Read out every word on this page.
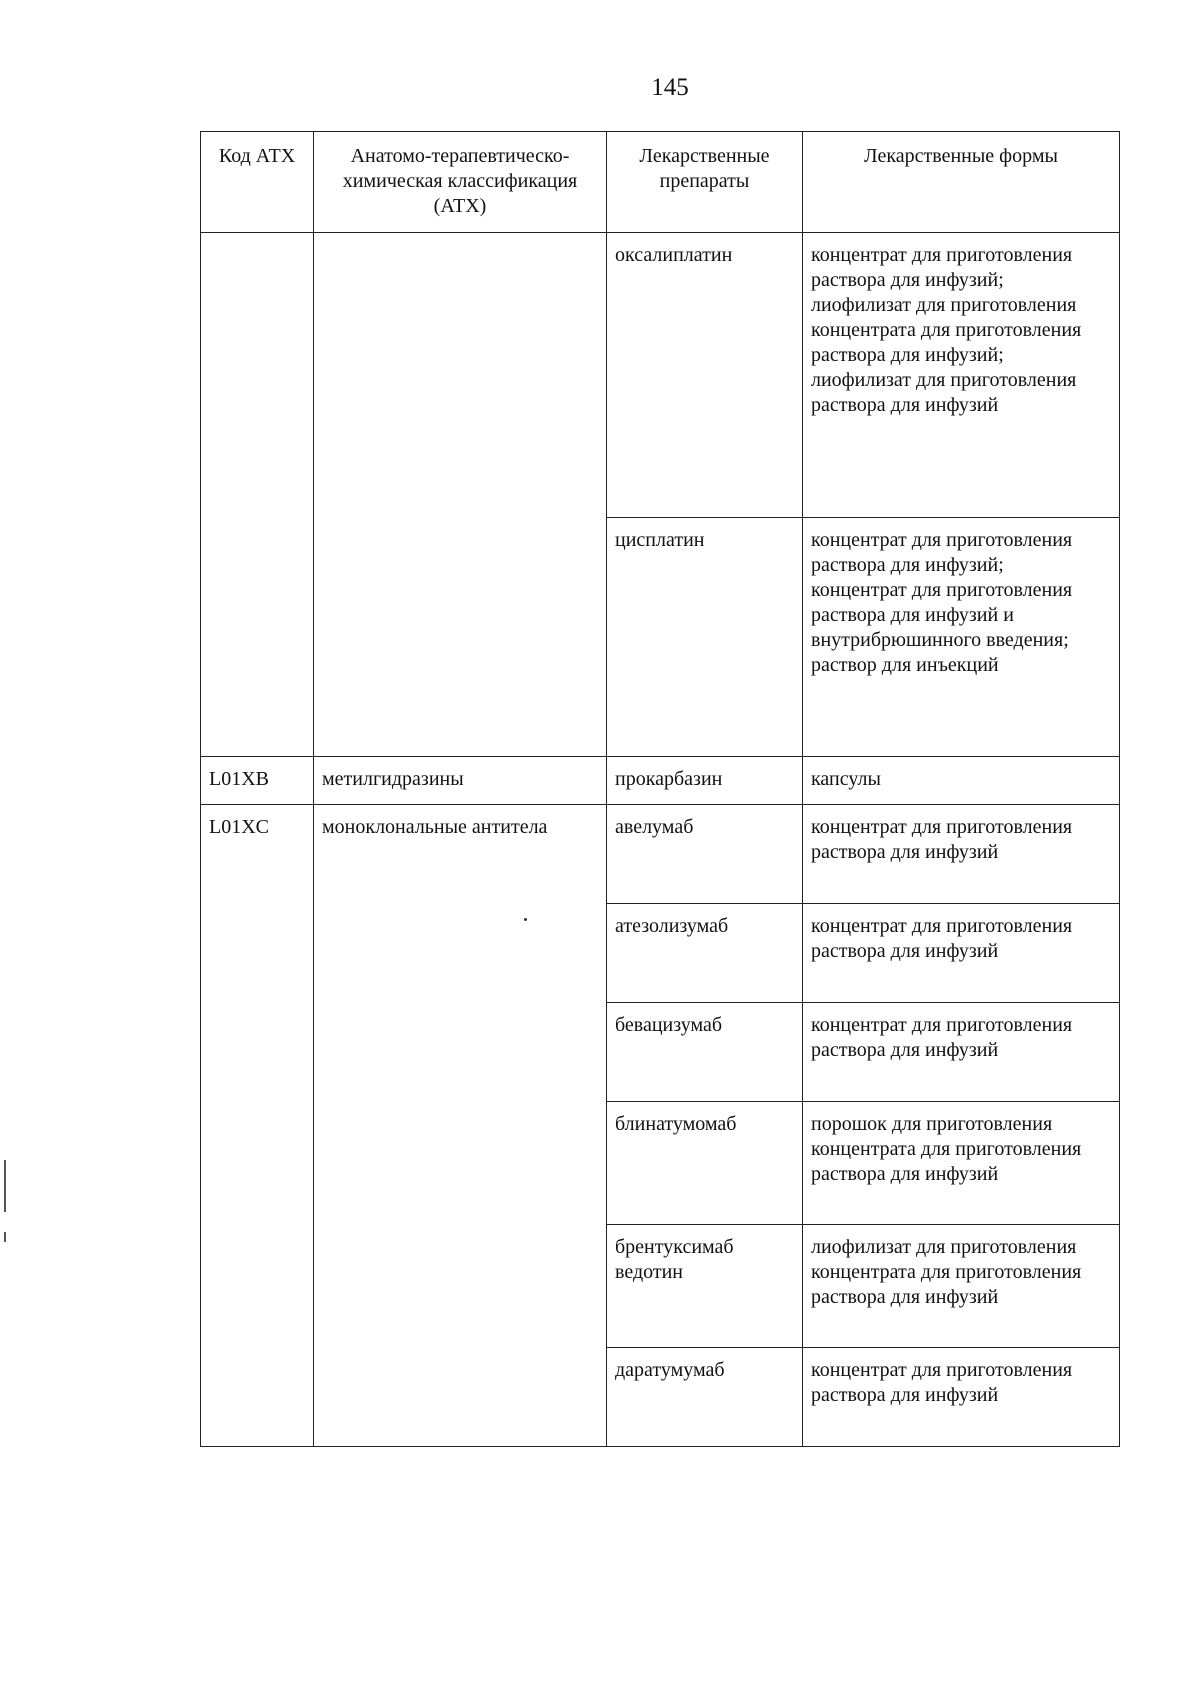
145
Код АТХ	Анатомо-терапевтическо-химическая классификация (АТХ)	Лекарственные препараты	Лекарственные формы
		оксалиплатин	концентрат для приготовления раствора для инфузий;
лиофилизат для приготовления концентрата для приготовления раствора для инфузий;
лиофилизат для приготовления раствора для инфузий

		цисплатин	концентрат для приготовления раствора для инфузий;
концентрат для приготовления раствора для инфузий и внутрибрюшинного введения;
раствор для инъекций

L01XB	метилгидразины	прокарбазин	капсулы

L01XC	моноклональные антитела	авелумаб	концентрат для приготовления раствора для инфузий

		атезолизумаб	концентрат для приготовления раствора для инфузий

		бевацизумаб	концентрат для приготовления раствора для инфузий

		блинатумомаб	порошок для приготовления концентрата для приготовления раствора для инфузий

		брентуксимаб ведотин	лиофилизат для приготовления концентрата для приготовления раствора для инфузий

		даратумумаб	концентрат для приготовления раствора для инфузий
